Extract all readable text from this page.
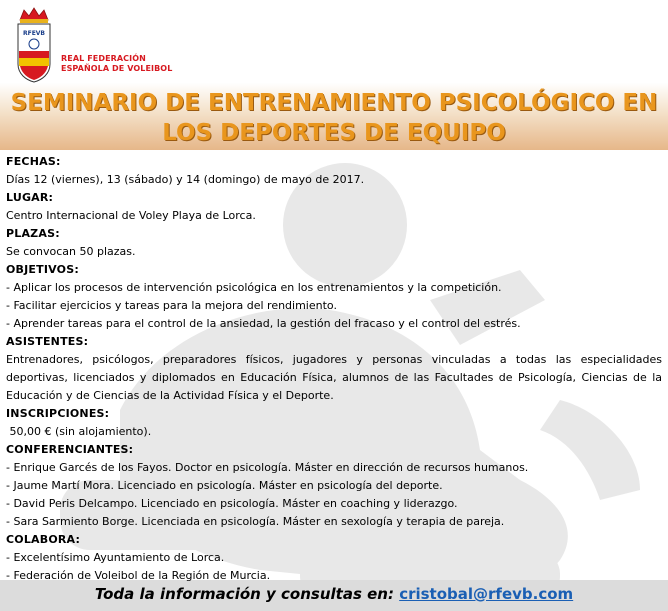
RFEVB
REAL FEDERACIÓN
ESPAÑOLA DE VOLEIBOL
SEMINARIO DE ENTRENAMIENTO PSICOLÓGICO EN
LOS DEPORTES DE EQUIPO
FECHAS:
Días 12 (viernes), 13 (sábado) y 14 (domingo) de mayo de 2017.
LUGAR:
Centro Internacional de Voley Playa de Lorca.
PLAZAS:
Se convocan 50 plazas.
OBJETIVOS:
- Aplicar los procesos de intervención psicológica en los entrenamientos y la competición.
- Facilitar ejercicios y tareas para la mejora del rendimiento.
- Aprender tareas para el control de la ansiedad, la gestión del fracaso y el control del estrés.
ASISTENTES:
Entrenadores, psicólogos, preparadores físicos, jugadores y personas vinculadas a todas las especialidades deportivas, licenciados y diplomados en Educación Física, alumnos de las Facultades de Psicología, Ciencias de la Educación y de Ciencias de la Actividad Física y el Deporte.
INSCRIPCIONES:
50,00 € (sin alojamiento).
CONFERENCIANTES:
- Enrique Garcés de los Fayos. Doctor en psicología. Máster en dirección de recursos humanos.
- Jaume Martí Mora. Licenciado en psicología. Máster en psicología del deporte.
- David Peris Delcampo. Licenciado en psicología. Máster en coaching y liderazgo.
- Sara Sarmiento Borge. Licenciada en psicología. Máster en sexología y terapia de pareja.
COLABORA:
- Excelentísimo Ayuntamiento de Lorca.
- Federación de Voleibol de la Región de Murcia.
Toda la información y consultas en: cristobal@rfevb.com
